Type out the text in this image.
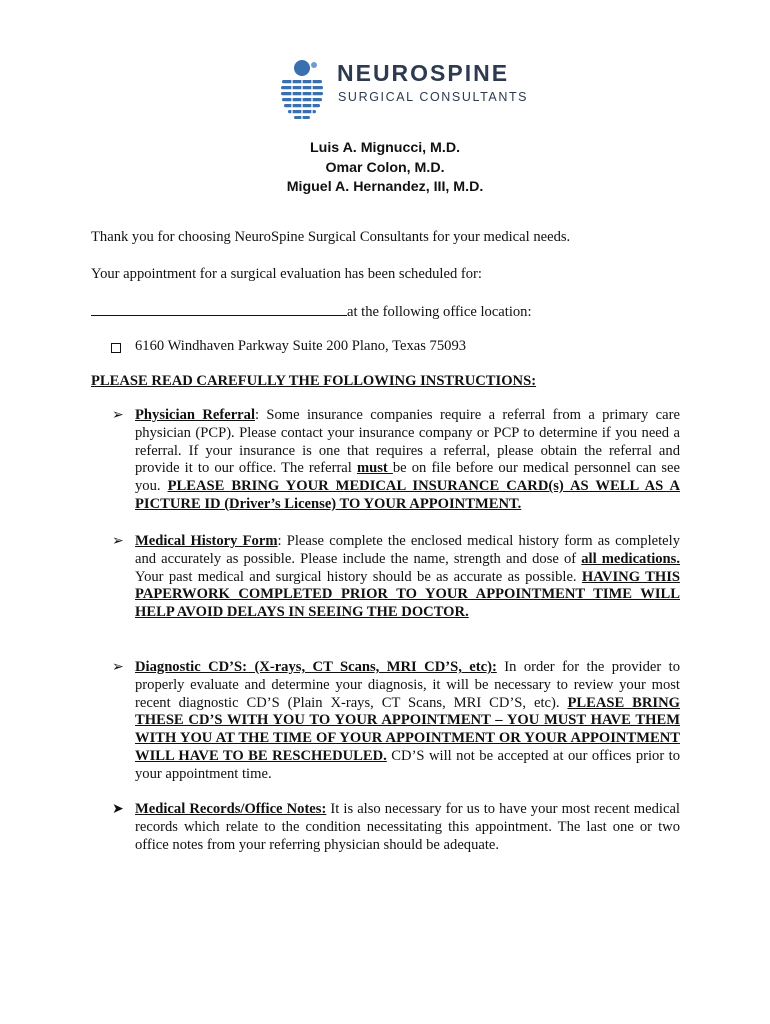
NEUROSPINE
SURGICAL CONSULTANTS
Luis A. Mignucci, M.D.
Omar Colon, M.D.
Miguel A. Hernandez, III, M.D.
Thank you for choosing NeuroSpine Surgical Consultants for your medical needs.
Your appointment for a surgical evaluation has been scheduled for:
at the following office location:
6160 Windhaven Parkway Suite 200 Plano, Texas 75093
PLEASE READ CAREFULLY THE FOLLOWING INSTRUCTIONS:
➢ Physician Referral: Some insurance companies require a referral from a primary care physician (PCP). Please contact your insurance company or PCP to determine if you need a referral. If your insurance is one that requires a referral, please obtain the referral and provide it to our office. The referral must be on file before our medical personnel can see you. PLEASE BRING YOUR MEDICAL INSURANCE CARD(s) AS WELL AS A PICTURE ID (Driver’s License) TO YOUR APPOINTMENT.
➢ Medical History Form: Please complete the enclosed medical history form as completely and accurately as possible. Please include the name, strength and dose of all medications. Your past medical and surgical history should be as accurate as possible. HAVING THIS PAPERWORK COMPLETED PRIOR TO YOUR APPOINTMENT TIME WILL HELP AVOID DELAYS IN SEEING THE DOCTOR.
➢ Diagnostic CD’S: (X-rays, CT Scans, MRI CD’S, etc): In order for the provider to properly evaluate and determine your diagnosis, it will be necessary to review your most recent diagnostic CD’S (Plain X-rays, CT Scans, MRI CD’S, etc). PLEASE BRING THESE CD’S WITH YOU TO YOUR APPOINTMENT – YOU MUST HAVE THEM WITH YOU AT THE TIME OF YOUR APPOINTMENT OR YOUR APPOINTMENT WILL HAVE TO BE RESCHEDULED. CD’S will not be accepted at our offices prior to your appointment time.
➤ Medical Records/Office Notes: It is also necessary for us to have your most recent medical records which relate to the condition necessitating this appointment. The last one or two office notes from your referring physician should be adequate.
